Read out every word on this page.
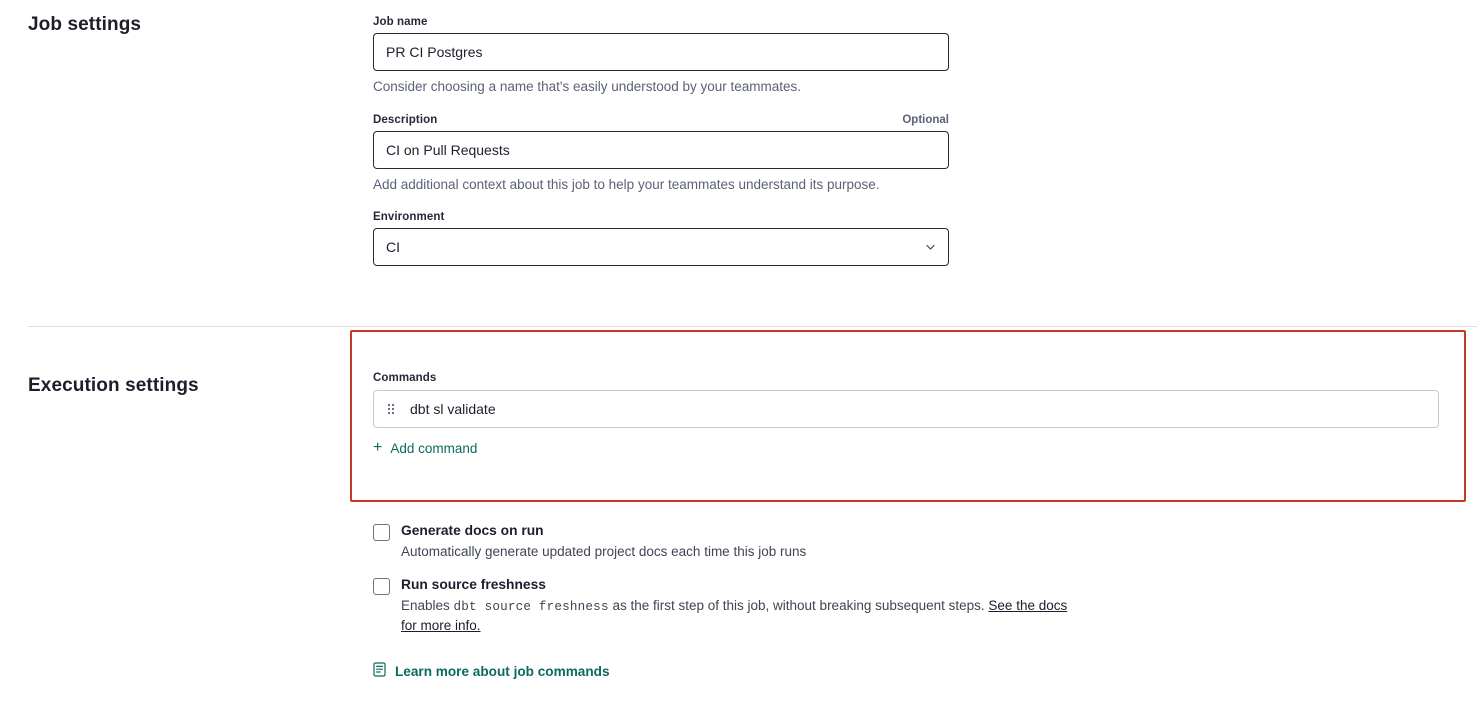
Job settings	Job name
PR CI Postgres
Consider choosing a name that's easily understood by your teammates.
Description	Optional
CI on Pull Requests
Add additional context about this job to help your teammates understand its purpose.
Environment
CI
Execution settings	Commands
dbt sl validate
+ Add command
Generate docs on run
Automatically generate updated project docs each time this job runs
Run source freshness
Enables dbt source freshness as the first step of this job, without breaking subsequent steps. See the docs for more info.
Learn more about job commands
